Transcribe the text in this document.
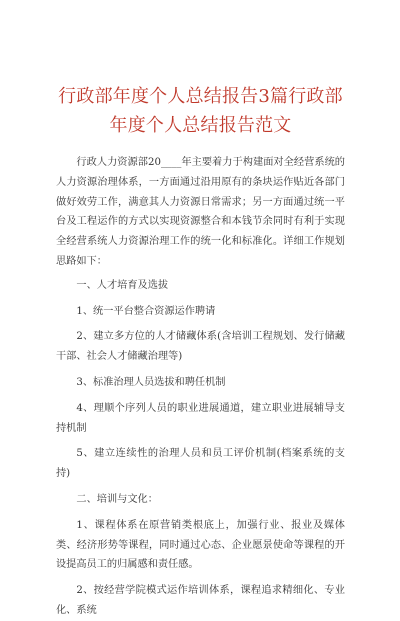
行政部年度个人总结报告3篇行政部年度个人总结报告范文

行政人力资源部20____年主要着力于构建面对全经营系统的人力资源治理体系，一方面通过沿用原有的条块运作贴近各部门做好效劳工作，满意其人力资源日常需求；另一方面通过统一平台及工程运作的方式以实现资源整合和本钱节余同时有利于实现全经营系统人力资源治理工作的统一化和标准化。详细工作规划思路如下：

一、人才培育及选拔

1、统一平台整合资源运作聘请

2、建立多方位的人才储藏体系(含培训工程规划、发行储藏干部、社会人才储藏治理等)

3、标准治理人员选拔和聘任机制

4、理顺个序列人员的职业进展通道，建立职业进展辅导支持机制

5、建立连续性的治理人员和员工评价机制(档案系统的支持)

二、培训与文化：

1、课程体系在原营销类根底上，加强行业、报业及媒体类、经济形势等课程，同时通过心态、企业愿景使命等课程的开设提高员工的归属感和责任感。

2、按经营学院模式运作培训体系，课程追求精细化、专业化、系统
